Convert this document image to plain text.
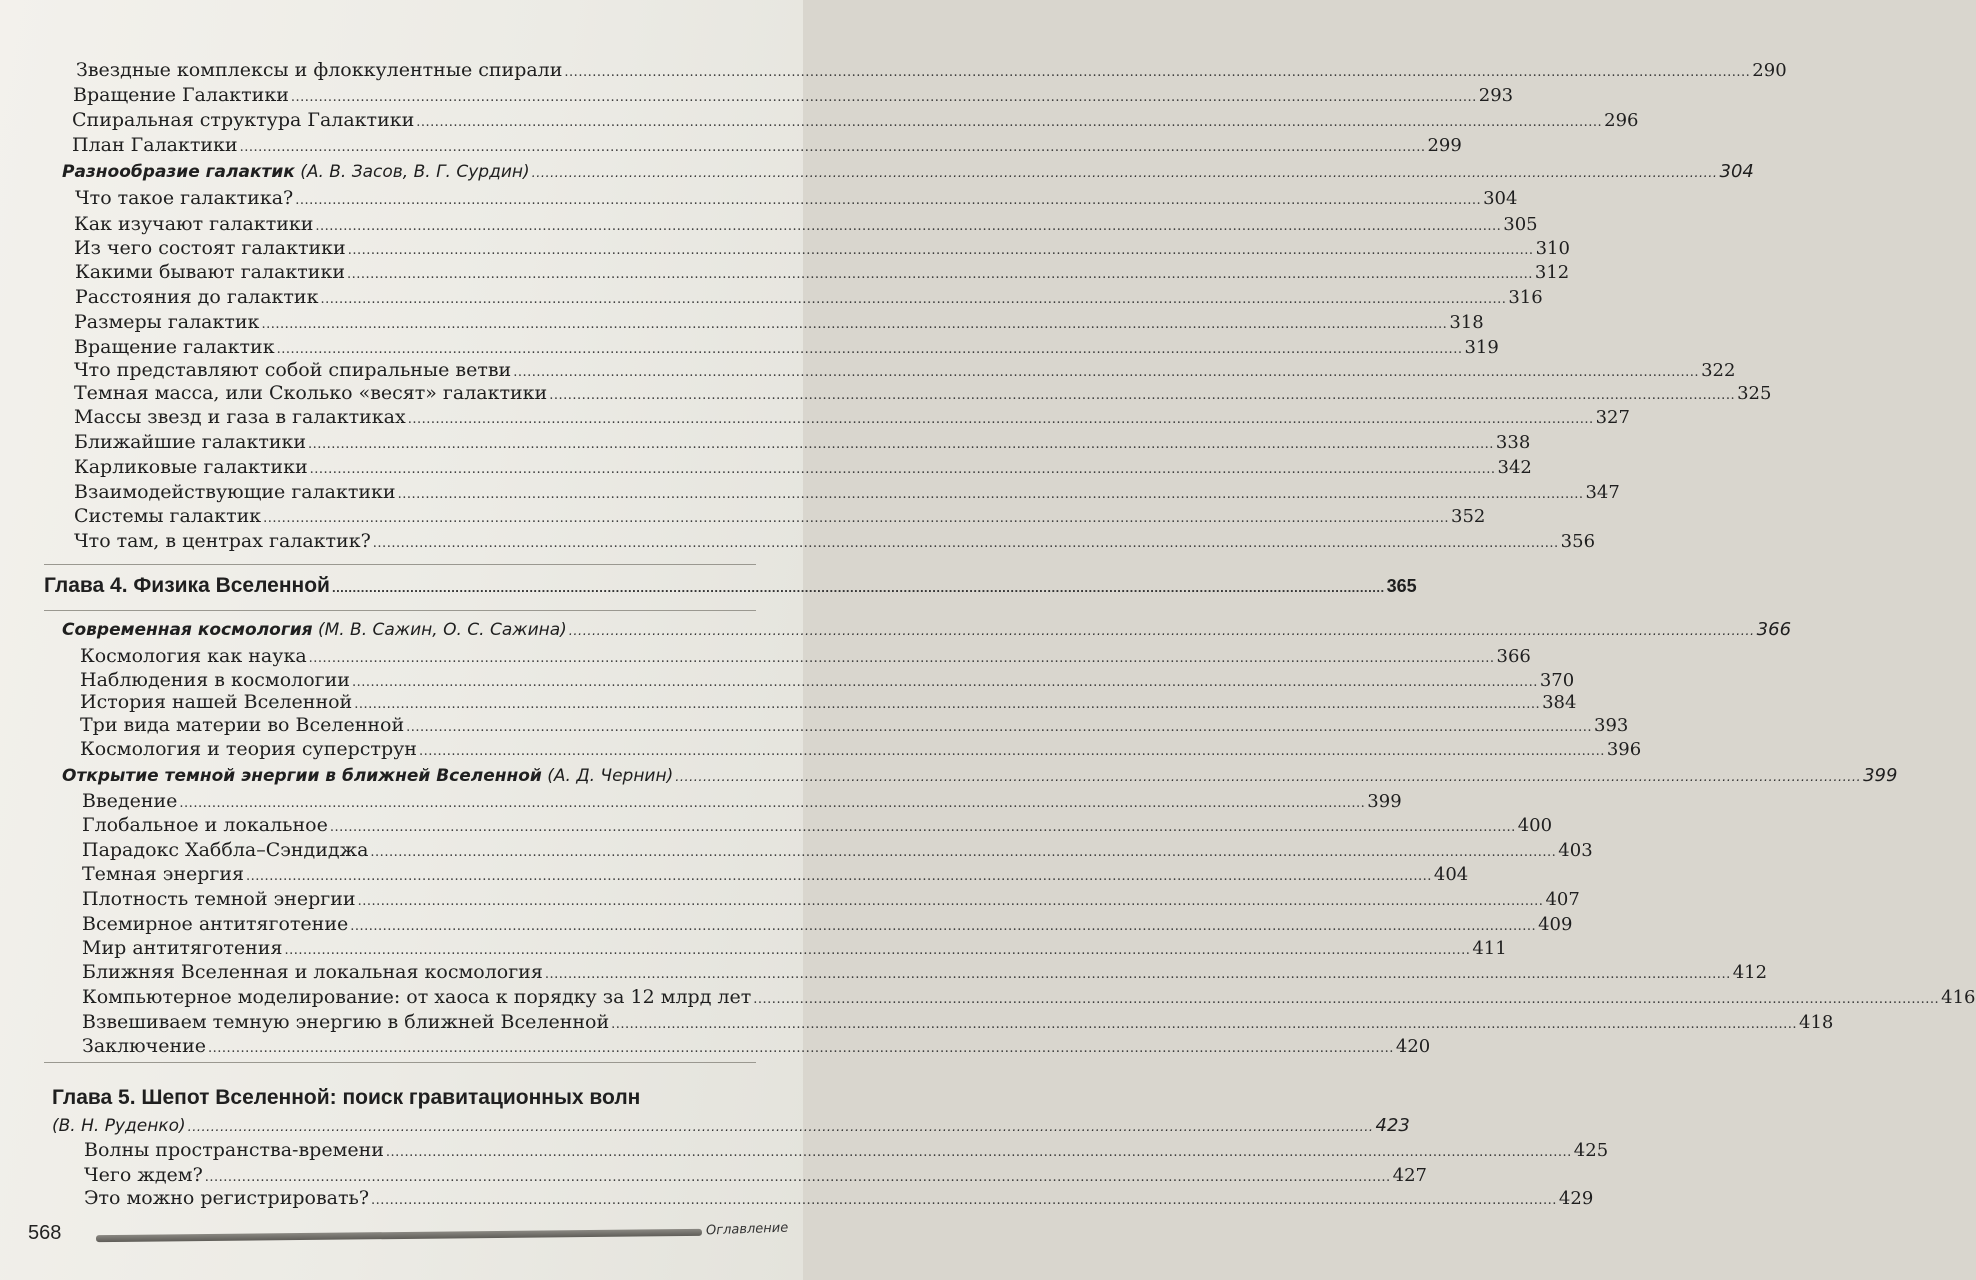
Звездные комплексы и флоккулентные спирали .....	290
Вращение Галактики .....	293
Спиральная структура Галактики .....	296
План Галактики .....	299
Разнообразие галактик (А. В. Засов, В. Г. Сурдин) .....	304
Что такое галактика? .....	304
Как изучают галактики .....	305
Из чего состоят галактики .....	310
Какими бывают галактики .....	312
Расстояния до галактик .....	316
Размеры галактик .....	318
Вращение галактик .....	319
Что представляют собой спиральные ветви .....	322
Темная масса, или Сколько «весят» галактики .....	325
Массы звезд и газа в галактиках .....	327
Ближайшие галактики .....	338
Карликовые галактики .....	342
Взаимодействующие галактики .....	347
Системы галактик .....	352
Что там, в центрах галактик? .....	356
Глава 4. Физика Вселенной .....	365
Современная космология (М. В. Сажин, О. С. Сажина) .....	366
Космология как наука .....	366
Наблюдения в космологии .....	370
История нашей Вселенной .....	384
Три вида материи во Вселенной .....	393
Космология и теория суперструн .....	396
Открытие темной энергии в ближней Вселенной (А. Д. Чернин) .....	399
Введение .....	399
Глобальное и локальное .....	400
Парадокс Хаббла–Сэндиджа .....	403
Темная энергия .....	404
Плотность темной энергии .....	407
Всемирное антитяготение .....	409
Мир антитяготения .....	411
Ближняя Вселенная и локальная космология .....	412
Компьютерное моделирование: от хаоса к порядку за 12 млрд лет .....	416
Взвешиваем темную энергию в ближней Вселенной .....	418
Заключение .....	420
Глава 5. Шепот Вселенной: поиск гравитационных волн
(В. Н. Руденко) .....	423
Волны пространства-времени .....	425
Чего ждем? .....	427
Это можно регистрировать? .....	429
568	Оглавление
